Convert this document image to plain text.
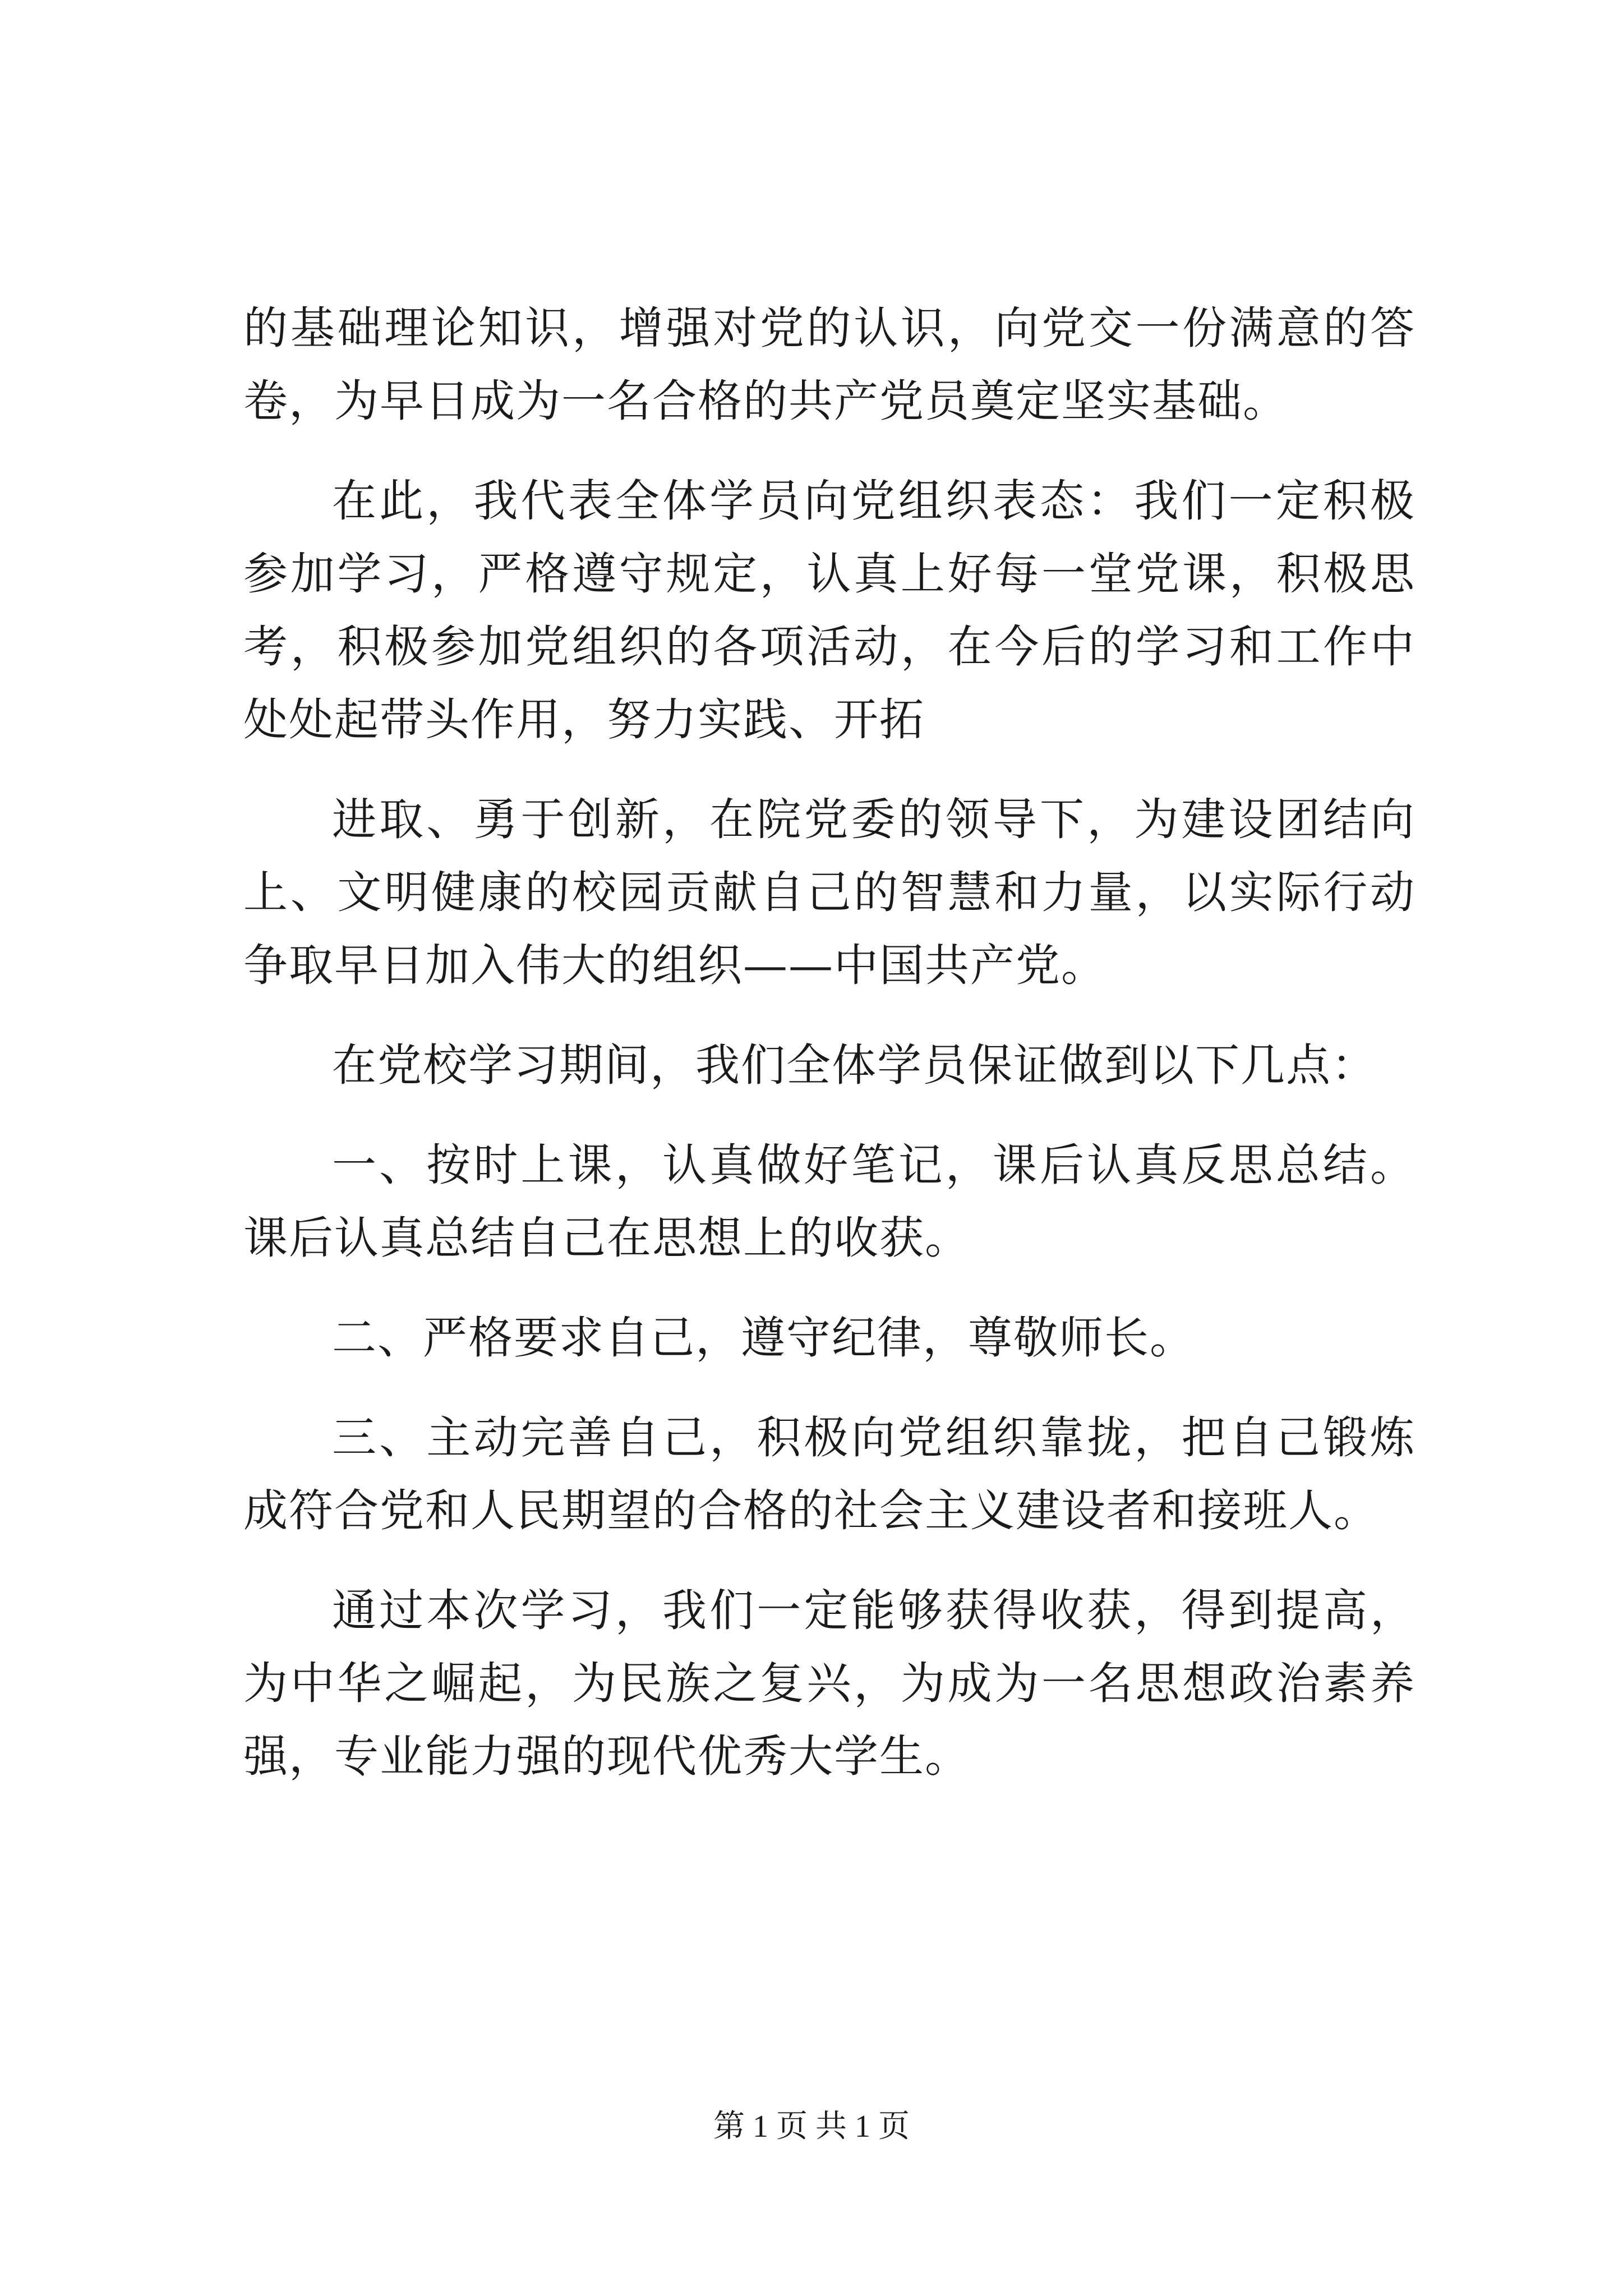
的基础理论知识，增强对党的认识，向党交一份满意的答卷，为早日成为一名合格的共产党员奠定坚实基础。

在此，我代表全体学员向党组织表态：我们一定积极参加学习，严格遵守规定，认真上好每一堂党课，积极思考，积极参加党组织的各项活动，在今后的学习和工作中处处起带头作用，努力实践、开拓

进取、勇于创新，在院党委的领导下，为建设团结向上、文明健康的校园贡献自己的智慧和力量，以实际行动争取早日加入伟大的组织——中国共产党。

在党校学习期间，我们全体学员保证做到以下几点：

一、按时上课，认真做好笔记，课后认真反思总结。课后认真总结自己在思想上的收获。

二、严格要求自己，遵守纪律，尊敬师长。

三、主动完善自己，积极向党组织靠拢，把自己锻炼成符合党和人民期望的合格的社会主义建设者和接班人。

通过本次学习，我们一定能够获得收获，得到提高，为中华之崛起，为民族之复兴，为成为一名思想政治素养强，专业能力强的现代优秀大学生。

第 1 页 共 1 页
